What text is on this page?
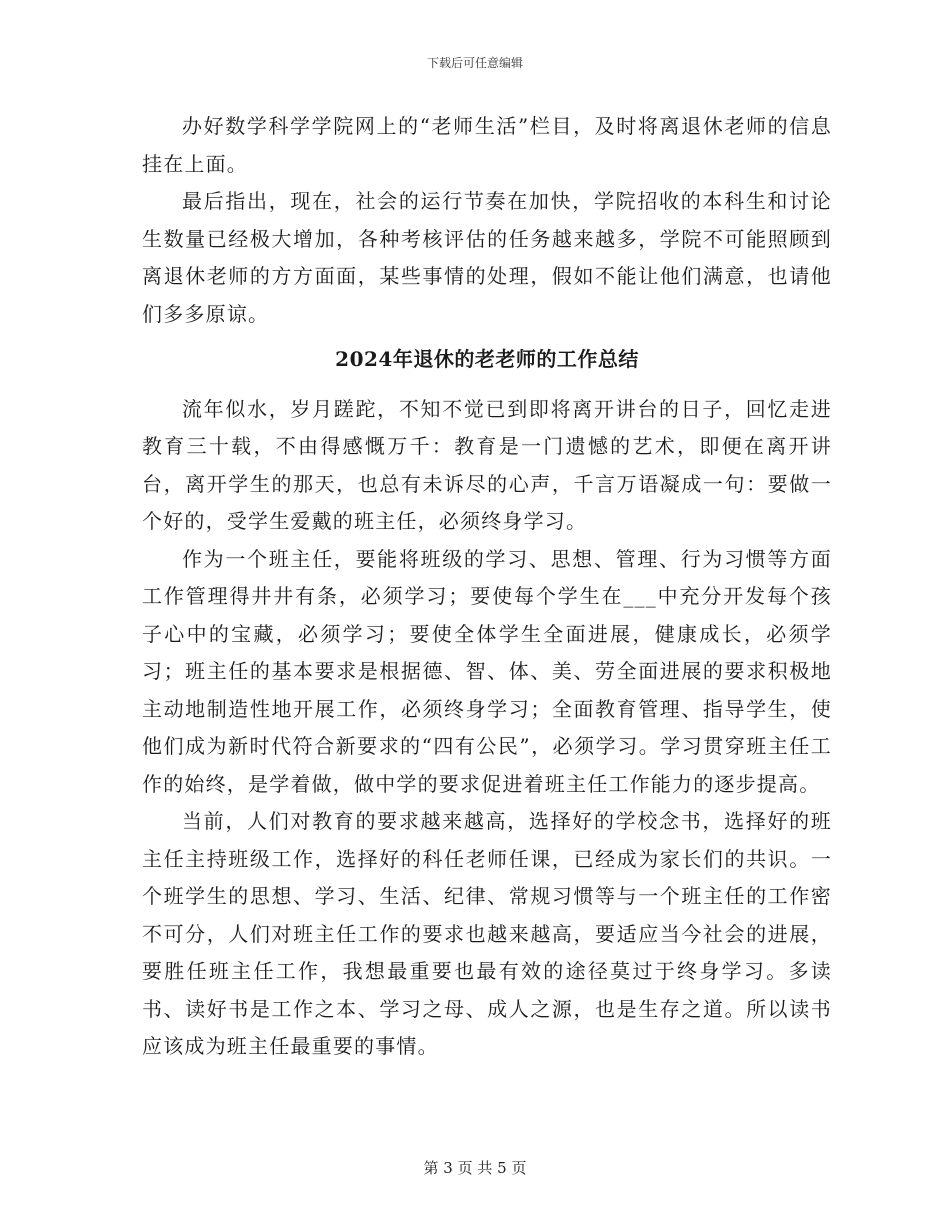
下载后可任意编辑

办好数学科学学院网上的“老师生活”栏目，及时将离退休老师的信息挂在上面。

最后指出，现在，社会的运行节奏在加快，学院招收的本科生和讨论生数量已经极大增加，各种考核评估的任务越来越多，学院不可能照顾到离退休老师的方方面面，某些事情的处理，假如不能让他们满意，也请他们多多原谅。

2024年退休的老老师的工作总结

流年似水，岁月蹉跎，不知不觉已到即将离开讲台的日子，回忆走进教育三十载，不由得感慨万千：教育是一门遗憾的艺术，即便在离开讲台，离开学生的那天，也总有未诉尽的心声，千言万语凝成一句：要做一个好的，受学生爱戴的班主任，必须终身学习。

作为一个班主任，要能将班级的学习、思想、管理、行为习惯等方面工作管理得井井有条，必须学习；要使每个学生在___中充分开发每个孩子心中的宝藏，必须学习；要使全体学生全面进展，健康成长，必须学习；班主任的基本要求是根据德、智、体、美、劳全面进展的要求积极地主动地制造性地开展工作，必须终身学习；全面教育管理、指导学生，使他们成为新时代符合新要求的“四有公民”，必须学习。学习贯穿班主任工作的始终，是学着做，做中学的要求促进着班主任工作能力的逐步提高。

当前，人们对教育的要求越来越高，选择好的学校念书，选择好的班主任主持班级工作，选择好的科任老师任课，已经成为家长们的共识。一个班学生的思想、学习、生活、纪律、常规习惯等与一个班主任的工作密不可分，人们对班主任工作的要求也越来越高，要适应当今社会的进展，要胜任班主任工作，我想最重要也最有效的途径莫过于终身学习。多读书、读好书是工作之本、学习之母、成人之源，也是生存之道。所以读书应该成为班主任最重要的事情。

第 3 页 共 5 页
